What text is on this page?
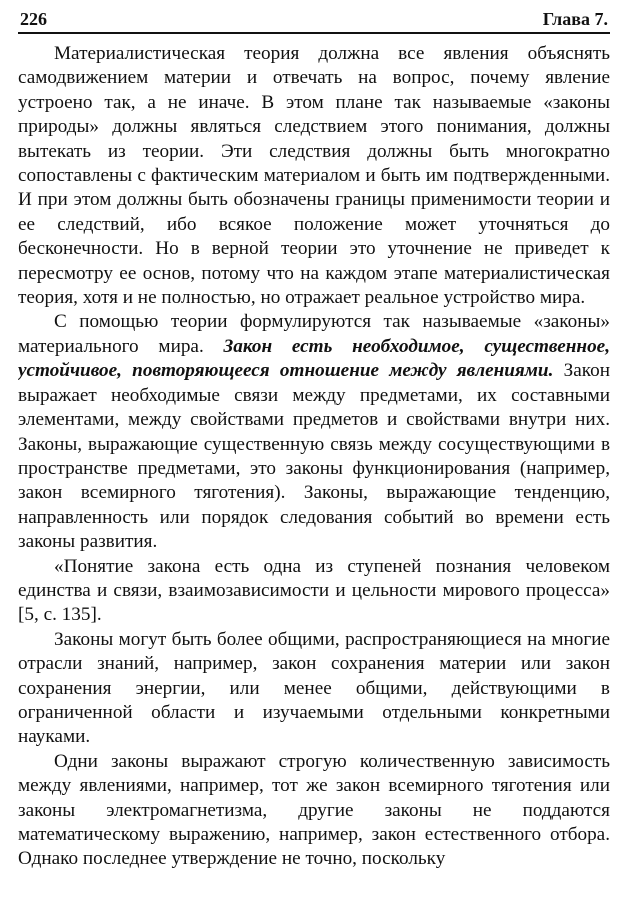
226	Глава 7.

Материалистическая теория должна все явления объяснять самодвижением материи и отвечать на вопрос, почему явление устроено так, а не иначе. В этом плане так называемые «законы природы» должны являться следствием этого понимания, должны вытекать из теории. Эти следствия должны быть многократно сопоставлены с фактическим материалом и быть им подтвержденными. И при этом должны быть обозначены границы применимости теории и ее следствий, ибо всякое положение может уточняться до бесконечности. Но в верной теории это уточнение не приведет к пересмотру ее основ, потому что на каждом этапе материалистическая теория, хотя и не полностью, но отражает реальное устройство мира.

С помощью теории формулируются так называемые «законы» материального мира. Закон есть необходимое, существенное, устойчивое, повторяющееся отношение между явлениями. Закон выражает необходимые связи между предметами, их составными элементами, между свойствами предметов и свойствами внутри них. Законы, выражающие существенную связь между сосуществующими в пространстве предметами, это законы функционирования (например, закон всемирного тяготения). Законы, выражающие тенденцию, направленность или порядок следования событий во времени есть законы развития.

«Понятие закона есть одна из ступеней познания человеком единства и связи, взаимозависимости и цельности мирового процесса» [5, с. 135].

Законы могут быть более общими, распространяющиеся на многие отрасли знаний, например, закон сохранения материи или закон сохранения энергии, или менее общими, действующими в ограниченной области и изучаемыми отдельными конкретными науками.

Одни законы выражают строгую количественную зависимость между явлениями, например, тот же закон всемирного тяготения или законы электромагнетизма, другие законы не поддаются математическому выражению, например, закон естественного отбора. Однако последнее утверждение не точно, поскольку
